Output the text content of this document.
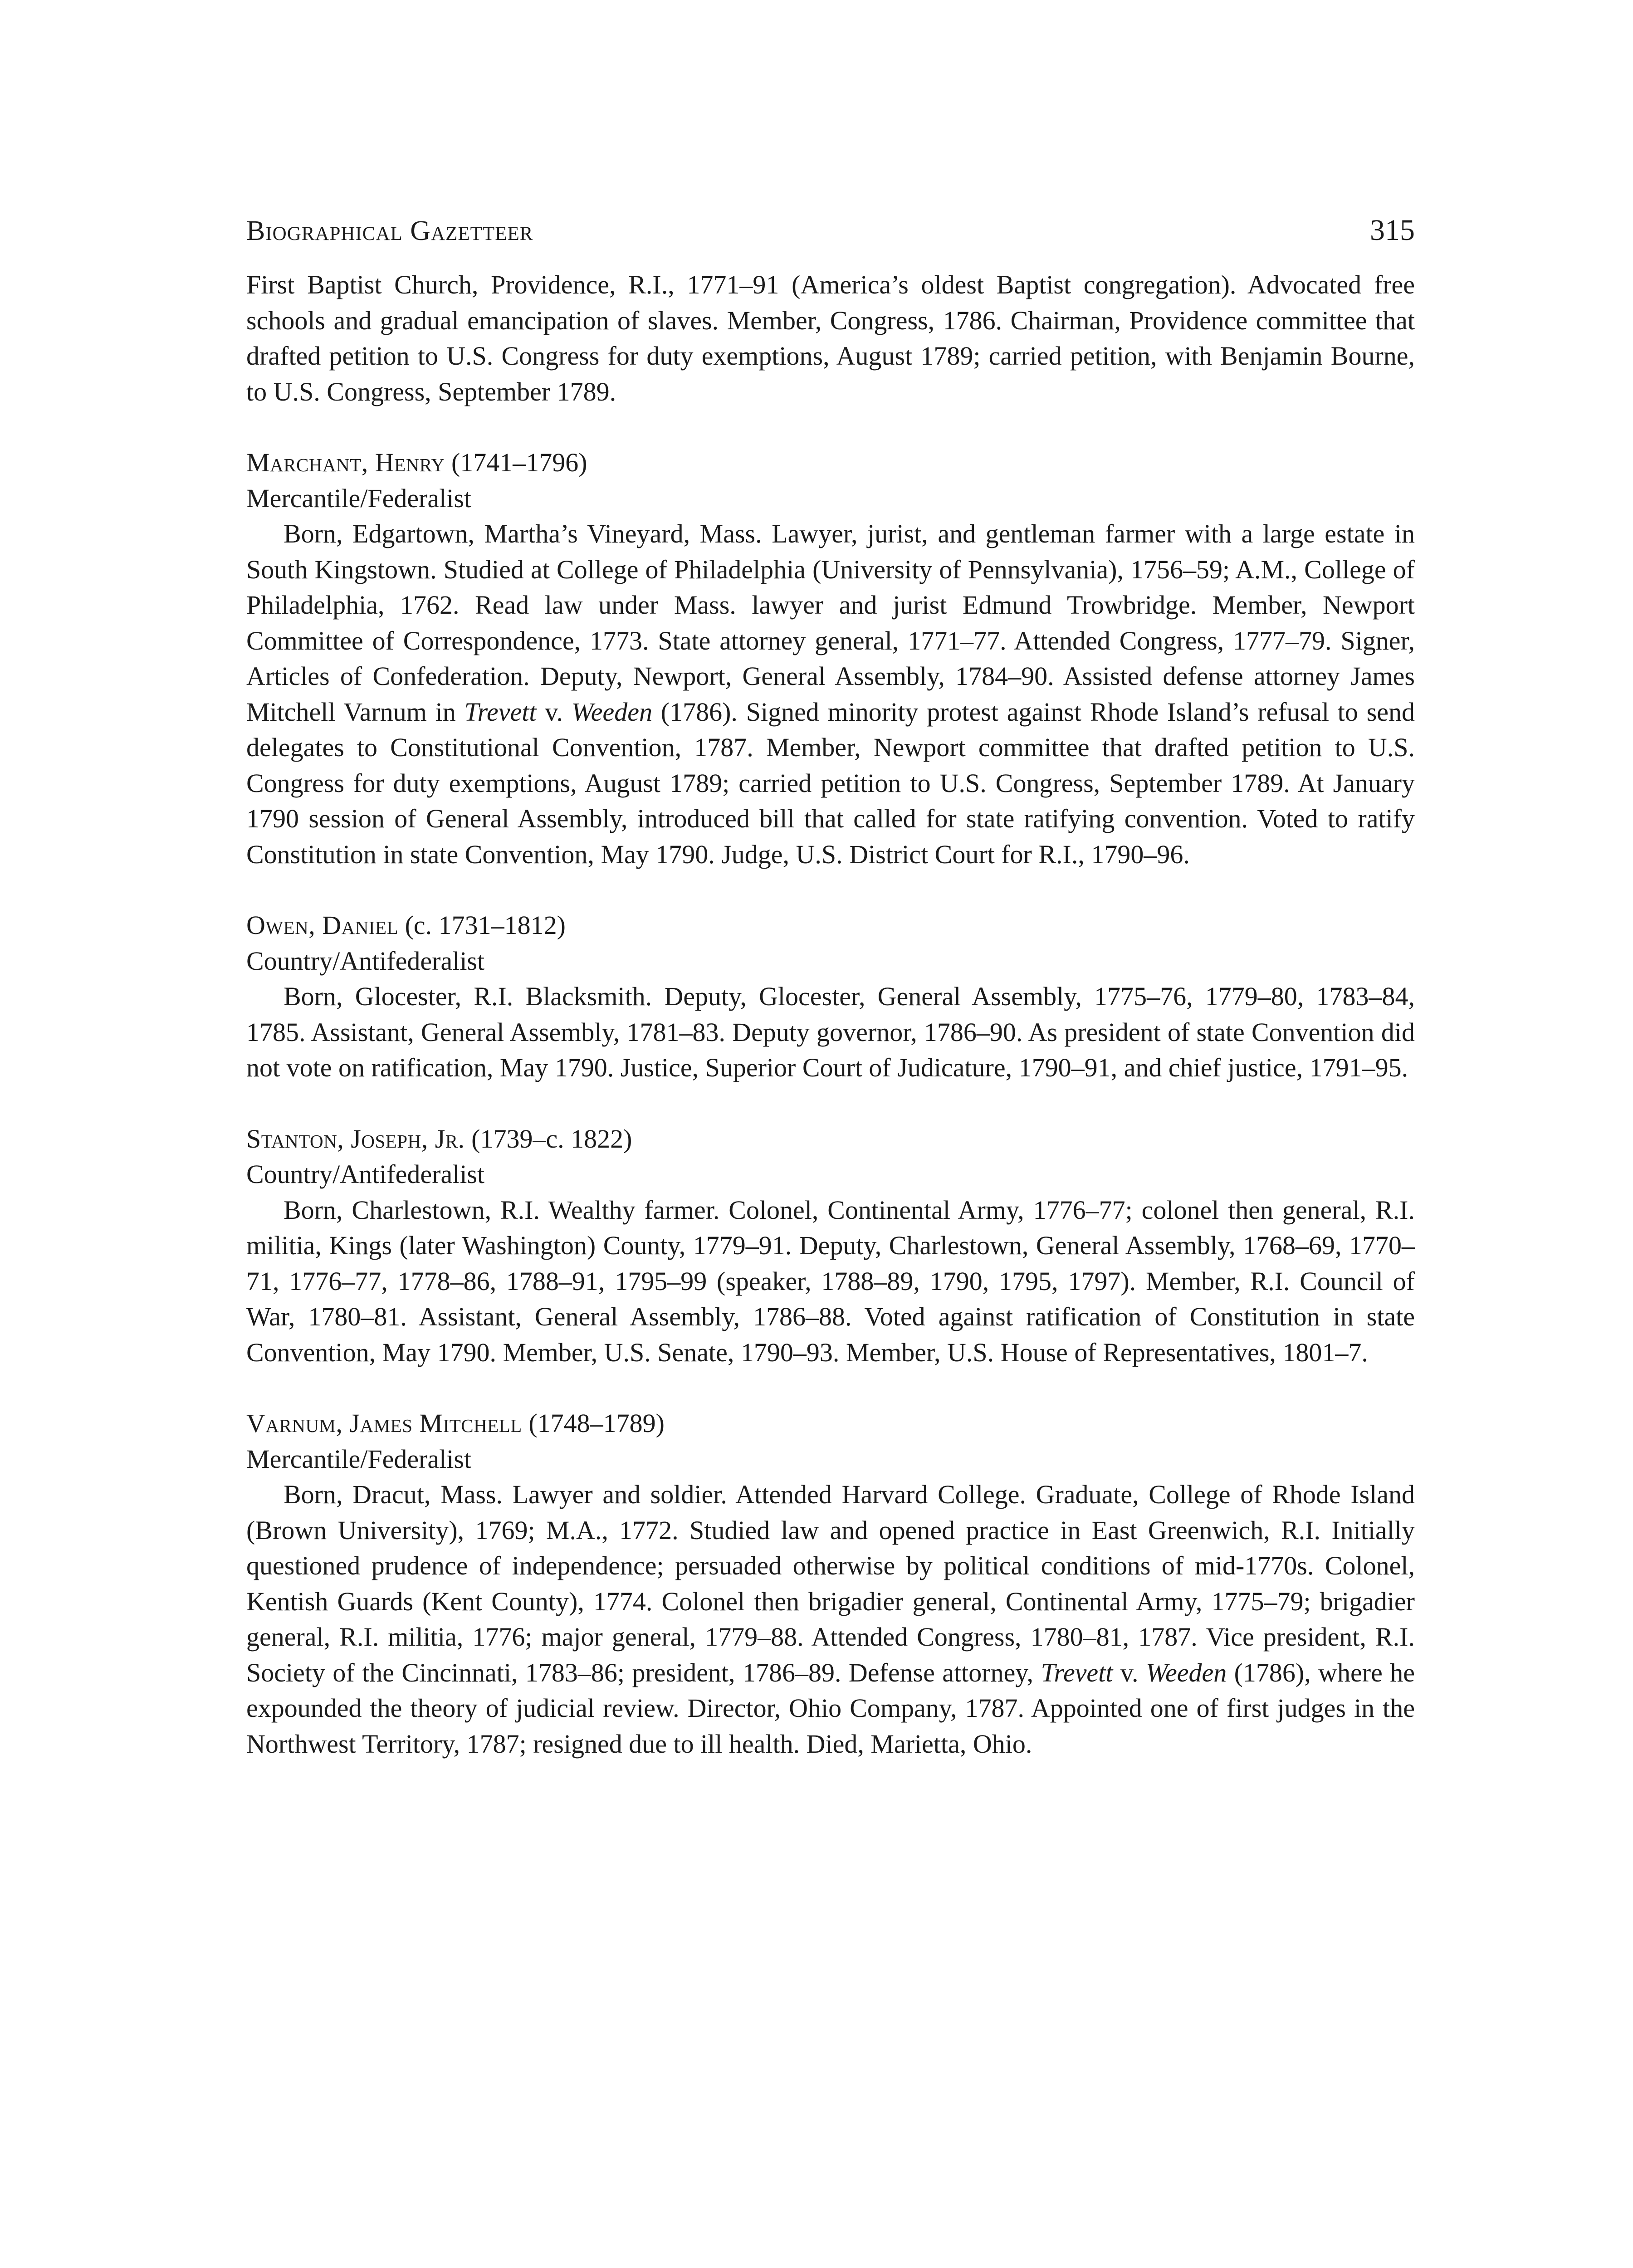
Biographical Gazetteer	315

First Baptist Church, Providence, R.I., 1771–91 (America’s oldest Baptist congregation). Advocated free schools and gradual emancipation of slaves. Member, Congress, 1786. Chairman, Providence committee that drafted petition to U.S. Congress for duty exemptions, August 1789; carried petition, with Benjamin Bourne, to U.S. Congress, September 1789.

Marchant, Henry (1741–1796)
Mercantile/Federalist

Born, Edgartown, Martha’s Vineyard, Mass. Lawyer, jurist, and gentleman farmer with a large estate in South Kingstown. Studied at College of Philadelphia (University of Pennsylvania), 1756–59; A.M., College of Philadelphia, 1762. Read law under Mass. lawyer and jurist Edmund Trowbridge. Member, Newport Committee of Correspondence, 1773. State attorney general, 1771–77. Attended Congress, 1777–79. Signer, Articles of Confederation. Deputy, Newport, General Assembly, 1784–90. Assisted defense attorney James Mitchell Varnum in Trevett v. Weeden (1786). Signed minority protest against Rhode Island’s refusal to send delegates to Constitutional Convention, 1787. Member, Newport committee that drafted petition to U.S. Congress for duty exemptions, August 1789; carried petition to U.S. Congress, September 1789. At January 1790 session of General Assembly, introduced bill that called for state ratifying convention. Voted to ratify Constitution in state Convention, May 1790. Judge, U.S. District Court for R.I., 1790–96.

Owen, Daniel (c. 1731–1812)
Country/Antifederalist

Born, Glocester, R.I. Blacksmith. Deputy, Glocester, General Assembly, 1775–76, 1779–80, 1783–84, 1785. Assistant, General Assembly, 1781–83. Deputy governor, 1786–90. As president of state Convention did not vote on ratification, May 1790. Justice, Superior Court of Judicature, 1790–91, and chief justice, 1791–95.

Stanton, Joseph, Jr. (1739–c. 1822)
Country/Antifederalist

Born, Charlestown, R.I. Wealthy farmer. Colonel, Continental Army, 1776–77; colonel then general, R.I. militia, Kings (later Washington) County, 1779–91. Deputy, Charlestown, General Assembly, 1768–69, 1770–71, 1776–77, 1778–86, 1788–91, 1795–99 (speaker, 1788–89, 1790, 1795, 1797). Member, R.I. Council of War, 1780–81. Assistant, General Assembly, 1786–88. Voted against ratification of Constitution in state Convention, May 1790. Member, U.S. Senate, 1790–93. Member, U.S. House of Representatives, 1801–7.

Varnum, James Mitchell (1748–1789)
Mercantile/Federalist

Born, Dracut, Mass. Lawyer and soldier. Attended Harvard College. Graduate, College of Rhode Island (Brown University), 1769; M.A., 1772. Studied law and opened practice in East Greenwich, R.I. Initially questioned prudence of independence; persuaded otherwise by political conditions of mid-1770s. Colonel, Kentish Guards (Kent County), 1774. Colonel then brigadier general, Continental Army, 1775–79; brigadier general, R.I. militia, 1776; major general, 1779–88. Attended Congress, 1780–81, 1787. Vice president, R.I. Society of the Cincinnati, 1783–86; president, 1786–89. Defense attorney, Trevett v. Weeden (1786), where he expounded the theory of judicial review. Director, Ohio Company, 1787. Appointed one of first judges in the Northwest Territory, 1787; resigned due to ill health. Died, Marietta, Ohio.
